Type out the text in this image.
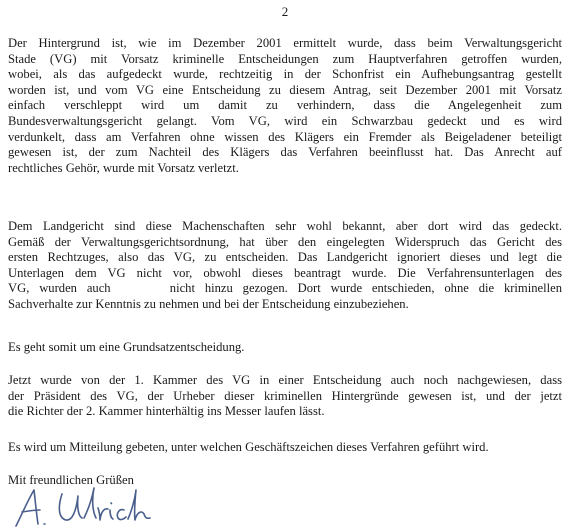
2
Der Hintergrund ist, wie im Dezember 2001 ermittelt wurde, dass beim Verwaltungsgericht
Stade (VG) mit Vorsatz kriminelle Entscheidungen zum Hauptverfahren getroffen wurden,
wobei, als das aufgedeckt wurde, rechtzeitig in der Schonfrist ein Aufhebungsantrag gestellt
worden ist, und vom VG eine Entscheidung zu diesem Antrag, seit Dezember 2001 mit Vorsatz
einfach verschleppt wird um damit zu verhindern, dass die Angelegenheit zum
Bundesverwaltungsgericht gelangt. Vom VG, wird ein Schwarzbau gedeckt und es wird
verdunkelt, dass am Verfahren ohne wissen des Klägers ein Fremder als Beigeladener beteiligt
gewesen ist, der zum Nachteil des Klägers das Verfahren beeinflusst hat. Das Anrecht auf
rechtliches Gehör, wurde mit Vorsatz verletzt.
Dem Landgericht sind diese Machenschaften sehr wohl bekannt, aber dort wird das gedeckt.
Gemäß der Verwaltungsgerichtsordnung, hat über den eingelegten Widerspruch das Gericht des
ersten Rechtzuges, also das VG, zu entscheiden. Das Landgericht ignoriert dieses und legt die
Unterlagen dem VG nicht vor, obwohl dieses beantragt wurde. Die Verfahrensunterlagen des
VG, wurden auch      nicht hinzu gezogen. Dort wurde entschieden, ohne die kriminellen
Sachverhalte zur Kenntnis zu nehmen und bei der Entscheidung einzubeziehen.
Es geht somit um eine Grundsatzentscheidung.
Jetzt wurde von der 1. Kammer des VG in einer Entscheidung auch noch nachgewiesen, dass
der Präsident des VG, der Urheber dieser kriminellen Hintergründe gewesen ist, und der jetzt
die Richter der 2. Kammer hinterhältig ins Messer laufen lässt.
Es wird um Mitteilung gebeten, unter welchen Geschäftszeichen dieses Verfahren geführt wird.
Mit freundlichen Grüßen
